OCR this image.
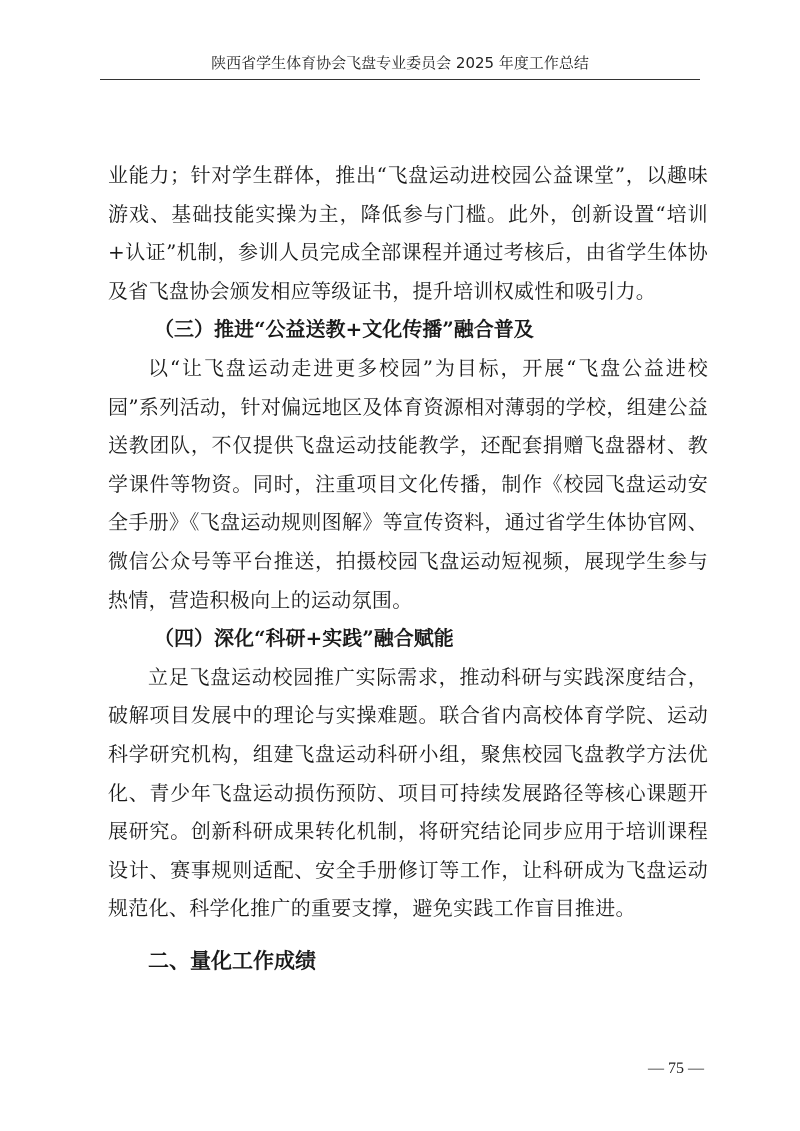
陕西省学生体育协会飞盘专业委员会 2025 年度工作总结

业能力；针对学生群体，推出“飞盘运动进校园公益课堂”，以趣味游戏、基础技能实操为主，降低参与门槛。此外，创新设置“培训+认证”机制，参训人员完成全部课程并通过考核后，由省学生体协及省飞盘协会颁发相应等级证书，提升培训权威性和吸引力。

（三）推进“公益送教+文化传播”融合普及

以“让飞盘运动走进更多校园”为目标，开展“飞盘公益进校园”系列活动，针对偏远地区及体育资源相对薄弱的学校，组建公益送教团队，不仅提供飞盘运动技能教学，还配套捐赠飞盘器材、教学课件等物资。同时，注重项目文化传播，制作《校园飞盘运动安全手册》《飞盘运动规则图解》等宣传资料，通过省学生体协官网、微信公众号等平台推送，拍摄校园飞盘运动短视频，展现学生参与热情，营造积极向上的运动氛围。

（四）深化“科研+实践”融合赋能

立足飞盘运动校园推广实际需求，推动科研与实践深度结合，破解项目发展中的理论与实操难题。联合省内高校体育学院、运动科学研究机构，组建飞盘运动科研小组，聚焦校园飞盘教学方法优化、青少年飞盘运动损伤预防、项目可持续发展路径等核心课题开展研究。创新科研成果转化机制，将研究结论同步应用于培训课程设计、赛事规则适配、安全手册修订等工作，让科研成为飞盘运动规范化、科学化推广的重要支撑，避免实践工作盲目推进。

二、量化工作成绩

— 75 —
